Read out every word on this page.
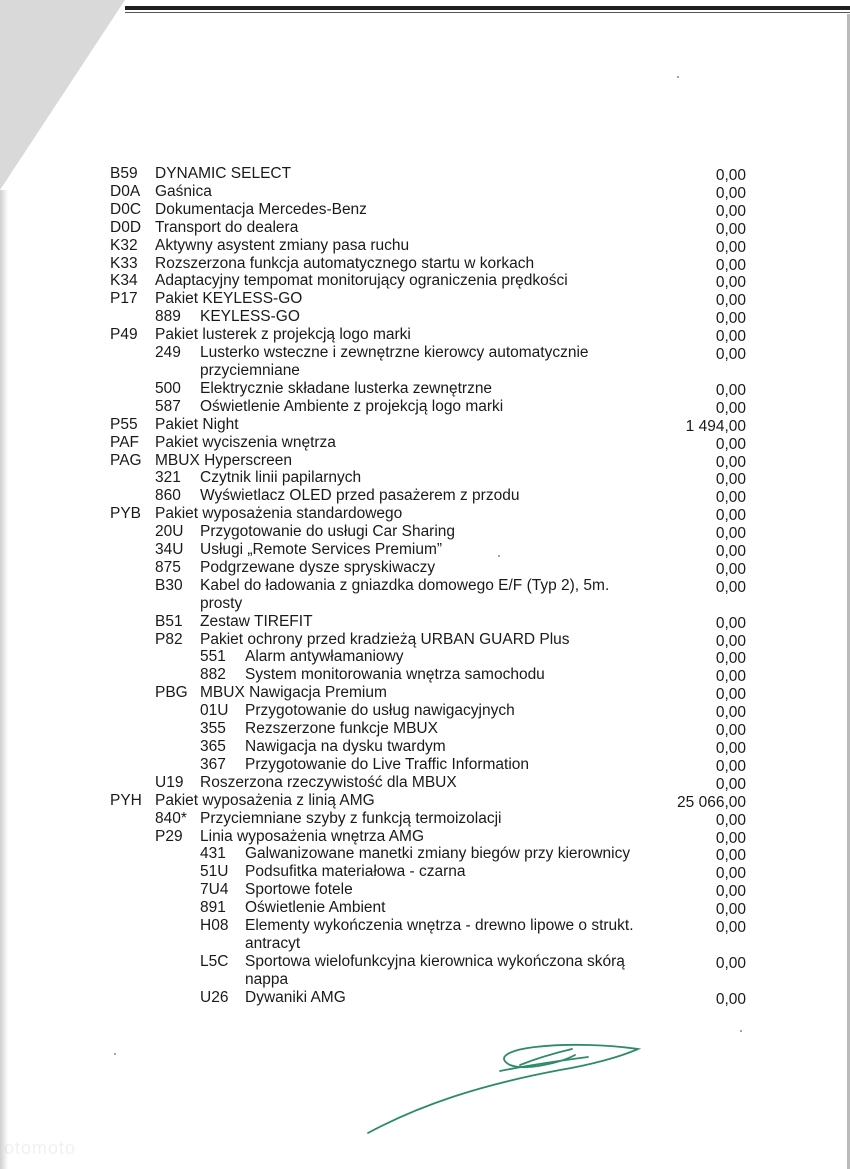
B59	DYNAMIC SELECT	0,00
D0A Gaśnica	0,00
D0C Dokumentacja Mercedes-Benz	0,00
D0D Transport do dealera	0,00
K32	Aktywny asystent zmiany pasa ruchu	0,00
K33	Rozszerzona funkcja automatycznego startu w korkach	0,00
K34	Adaptacyjny tempomat monitorujący ograniczenia prędkości	0,00
P17	Pakiet KEYLESS-GO	0,00
889	KEYLESS-GO	0,00
P49	Pakiet lusterek z projekcją logo marki	0,00
249	Lusterko wsteczne i zewnętrzne kierowcy automatycznie przyciemniane
0,00
500	Elektrycznie składane lusterka zewnętrzne	0,00
587	Oświetlenie Ambiente z projekcją logo marki	0,00
P55	Pakiet Night	1 494,00
PAF	Pakiet wyciszenia wnętrza	0,00
PAG MBUX Hyperscreen	0,00
321	Czytnik linii papilarnych	0,00
860	Wyświetlacz OLED przed pasażerem z przodu	0,00
PYB Pakiet wyposażenia standardowego	0,00
20U	Przygotowanie do usługi Car Sharing	0,00
34U	Usługi „Remote Services Premium”	0,00
875	Podgrzewane dysze spryskiwaczy	0,00
B30	Kabel do ładowania z gniazdka domowego E/F (Typ 2), 5m. prosty
0,00
B51	Zestaw TIREFIT	0,00
P82	Pakiet ochrony przed kradzieżą URBAN GUARD Plus	0,00
551	Alarm antywłamaniowy	0,00
882	System monitorowania wnętrza samochodu	0,00
PBG MBUX Nawigacja Premium	0,00
01U	Przygotowanie do usług nawigacyjnych	0,00
355	Rezszerzone funkcje MBUX	0,00
365	Nawigacja na dysku twardym	0,00
367	Przygotowanie do Live Traffic Information	0,00
U19	Roszerzona rzeczywistość dla MBUX	0,00
PYH Pakiet wyposażenia z linią AMG	25 066,00
840* Przyciemniane szyby z funkcją termoizolacji	0,00
P29	Linia wyposażenia wnętrza AMG	0,00
431	Galwanizowane manetki zmiany biegów przy kierownicy	0,00
51U	Podsufitka materiałowa - czarna	0,00
7U4	Sportowe fotele	0,00
891	Oświetlenie Ambient	0,00
H08	Elementy wykończenia wnętrza - drewno lipowe o strukt. antracyt
0,00
L5C	Sportowa wielofunkcyjna kierownica wykończona skórą nappa
0,00
U26	Dywaniki AMG	0,00
otomoto
